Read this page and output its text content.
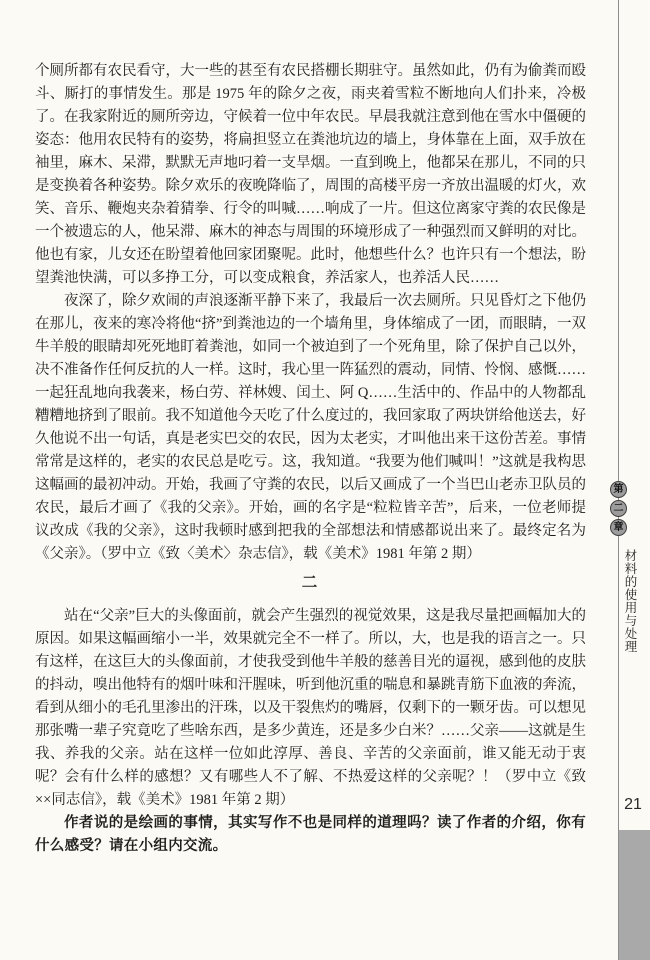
个厕所都有农民看守，大一些的甚至有农民搭棚长期驻守。虽然如此，仍有为偷粪而殴斗、厮打的事情发生。那是 1975 年的除夕之夜，雨夹着雪粒不断地向人们扑来，冷极了。在我家附近的厕所旁边，守候着一位中年农民。早晨我就注意到他在雪水中僵硬的姿态：他用农民特有的姿势，将扁担竖立在粪池坑边的墙上，身体靠在上面，双手放在袖里，麻木、呆滞，默默无声地叼着一支旱烟。一直到晚上，他都呆在那儿，不同的只是变换着各种姿势。除夕欢乐的夜晚降临了，周围的高楼平房一齐放出温暖的灯火，欢笑、音乐、鞭炮夹杂着猜拳、行令的叫喊……响成了一片。但这位离家守粪的农民像是一个被遗忘的人，他呆滞、麻木的神态与周围的环境形成了一种强烈而又鲜明的对比。他也有家，儿女还在盼望着他回家团聚呢。此时，他想些什么？也许只有一个想法，盼望粪池快满，可以多挣工分，可以变成粮食，养活家人，也养活人民……

夜深了，除夕欢闹的声浪逐渐平静下来了，我最后一次去厕所。只见昏灯之下他仍在那儿，夜来的寒冷将他“挤”到粪池边的一个墙角里，身体缩成了一团，而眼睛，一双牛羊般的眼睛却死死地盯着粪池，如同一个被迫到了一个死角里，除了保护自己以外，决不准备作任何反抗的人一样。这时，我心里一阵猛烈的震动，同情、怜悯、感慨……一起狂乱地向我袭来，杨白劳、祥林嫂、闰土、阿 Q……生活中的、作品中的人物都乱糟糟地挤到了眼前。我不知道他今天吃了什么度过的，我回家取了两块饼给他送去，好久他说不出一句话，真是老实巴交的农民，因为太老实，才叫他出来干这份苦差。事情常常是这样的，老实的农民总是吃亏。这，我知道。“我要为他们喊叫！”这就是我构思这幅画的最初冲动。开始，我画了守粪的农民，以后又画成了一个当巴山老赤卫队员的农民，最后才画了《我的父亲》。开始，画的名字是“粒粒皆辛苦”，后来，一位老师提议改成《我的父亲》，这时我顿时感到把我的全部想法和情感都说出来了。最终定名为《父亲》。（罗中立《致〈美术〉杂志信》，载《美术》1981 年第 2 期）

二

站在“父亲”巨大的头像面前，就会产生强烈的视觉效果，这是我尽量把画幅加大的原因。如果这幅画缩小一半，效果就完全不一样了。所以，大，也是我的语言之一。只有这样，在这巨大的头像面前，才使我受到他牛羊般的慈善目光的逼视，感到他的皮肤的抖动，嗅出他特有的烟叶味和汗腥味，听到他沉重的喘息和暴跳青筋下血液的奔流，看到从细小的毛孔里渗出的汗珠，以及干裂焦灼的嘴唇，仅剩下的一颗牙齿。可以想见那张嘴一辈子究竟吃了些啥东西，是多少黄连，还是多少白米？……父亲——这就是生我、养我的父亲。站在这样一位如此淳厚、善良、辛苦的父亲面前，谁又能无动于衷呢？会有什么样的感想？又有哪些人不了解、不热爱这样的父亲呢？！（罗中立《致××同志信》，载《美术》1981 年第 2 期）

作者说的是绘画的事情，其实写作不也是同样的道理吗？读了作者的介绍，你有什么感受？请在小组内交流。

第
二
章
材料的使用与处理
21
